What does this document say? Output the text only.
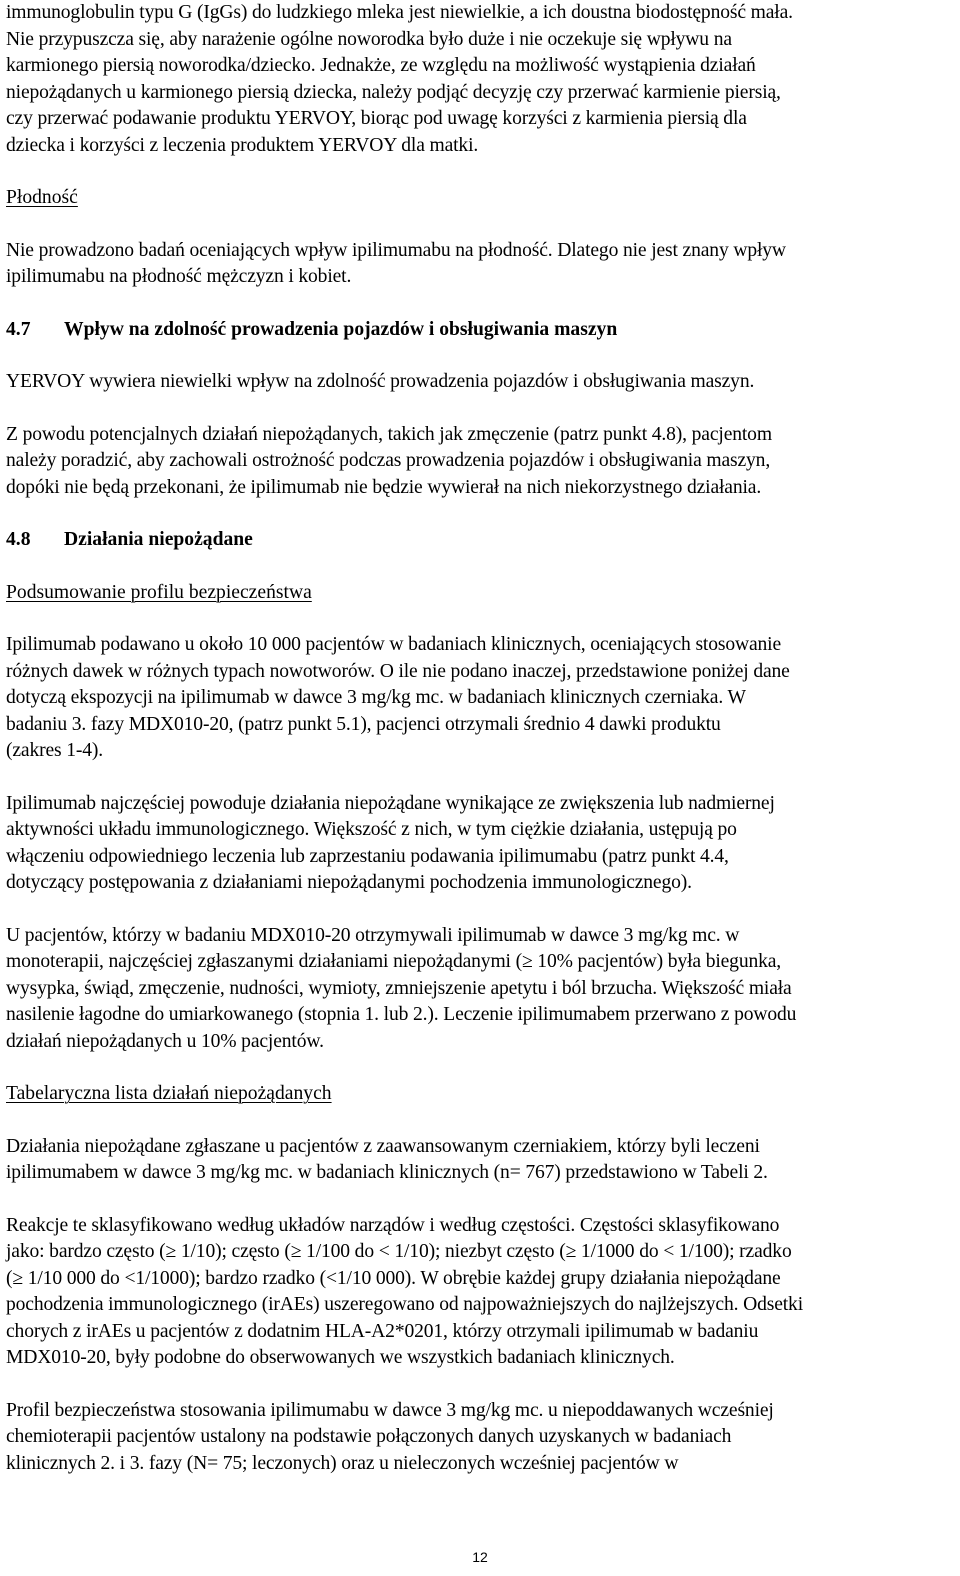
immunoglobulin typu G (IgGs) do ludzkiego mleka jest niewielkie, a ich doustna biodostępność mała.
Nie przypuszcza się, aby narażenie ogólne noworodka było duże i nie oczekuje się wpływu na
karmionego piersią noworodka/dziecko. Jednakże, ze względu na możliwość wystąpienia działań
niepożądanych u karmionego piersią dziecka, należy podjąć decyzję czy przerwać karmienie piersią,
czy przerwać podawanie produktu YERVOY, biorąc pod uwagę korzyści z karmienia piersią dla
dziecka i korzyści z leczenia produktem YERVOY dla matki.

Płodność

Nie prowadzono badań oceniających wpływ ipilimumabu na płodność. Dlatego nie jest znany wpływ
ipilimumabu na płodność mężczyzn i kobiet.

4.7	Wpływ na zdolność prowadzenia pojazdów i obsługiwania maszyn

YERVOY wywiera niewielki wpływ na zdolność prowadzenia pojazdów i obsługiwania maszyn.

Z powodu potencjalnych działań niepożądanych, takich jak zmęczenie (patrz punkt 4.8), pacjentom
należy poradzić, aby zachowali ostrożność podczas prowadzenia pojazdów i obsługiwania maszyn,
dopóki nie będą przekonani, że ipilimumab nie będzie wywierał na nich niekorzystnego działania.

4.8	Działania niepożądane

Podsumowanie profilu bezpieczeństwa

Ipilimumab podawano u około 10 000 pacjentów w badaniach klinicznych, oceniających stosowanie
różnych dawek w różnych typach nowotworów. O ile nie podano inaczej, przedstawione poniżej dane
dotyczą ekspozycji na ipilimumab w dawce 3 mg/kg mc. w badaniach klinicznych czerniaka. W
badaniu 3. fazy MDX010-20, (patrz punkt 5.1), pacjenci otrzymali średnio 4 dawki produktu
(zakres 1-4).

Ipilimumab najczęściej powoduje działania niepożądane wynikające ze zwiększenia lub nadmiernej
aktywności układu immunologicznego. Większość z nich, w tym ciężkie działania, ustępują po
włączeniu odpowiedniego leczenia lub zaprzestaniu podawania ipilimumabu (patrz punkt 4.4,
dotyczący postępowania z działaniami niepożądanymi pochodzenia immunologicznego).

U pacjentów, którzy w badaniu MDX010-20 otrzymywali ipilimumab w dawce 3 mg/kg mc. w
monoterapii, najczęściej zgłaszanymi działaniami niepożądanymi (≥ 10% pacjentów) była biegunka,
wysypka, świąd, zmęczenie, nudności, wymioty, zmniejszenie apetytu i ból brzucha. Większość miała
nasilenie łagodne do umiarkowanego (stopnia 1. lub 2.). Leczenie ipilimumabem przerwano z powodu
działań niepożądanych u 10% pacjentów.

Tabelaryczna lista działań niepożądanych

Działania niepożądane zgłaszane u pacjentów z zaawansowanym czerniakiem, którzy byli leczeni
ipilimumabem w dawce 3 mg/kg mc. w badaniach klinicznych (n= 767) przedstawiono w Tabeli 2.

Reakcje te sklasyfikowano według układów narządów i według częstości. Częstości sklasyfikowano
jako: bardzo często (≥ 1/10); często (≥ 1/100 do < 1/10); niezbyt często (≥ 1/1000 do < 1/100); rzadko
(≥ 1/10 000 do <1/1000); bardzo rzadko (<1/10 000). W obrębie każdej grupy działania niepożądane
pochodzenia immunologicznego (irAEs) uszeregowano od najpoważniejszych do najlżejszych. Odsetki
chorych z irAEs u pacjentów z dodatnim HLA-A2*0201, którzy otrzymali ipilimumab w badaniu
MDX010-20, były podobne do obserwowanych we wszystkich badaniach klinicznych.

Profil bezpieczeństwa stosowania ipilimumabu w dawce 3 mg/kg mc. u niepoddawanych wcześniej
chemioterapii pacjentów ustalony na podstawie połączonych danych uzyskanych w badaniach
klinicznych 2. i 3. fazy (N= 75; leczonych) oraz u nieleczonych wcześniej pacjentów w

12
